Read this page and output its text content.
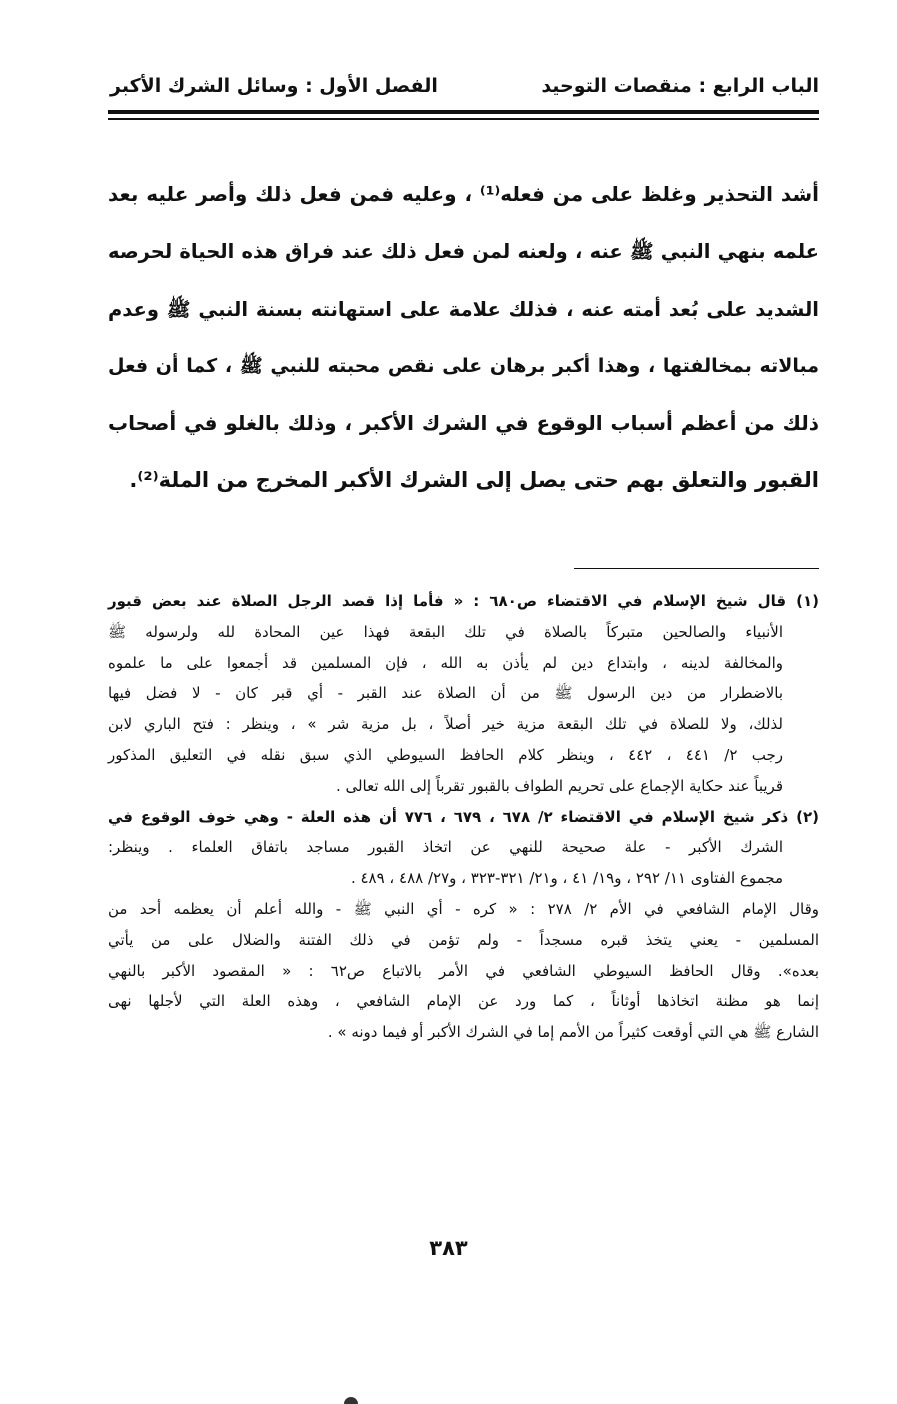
الباب الرابع : منقصات التوحيد
الفصل الأول : وسائل الشرك الأكبر
أشد التحذير وغلظ على من فعله⁽¹⁾ ، وعليه فمن فعل ذلك وأصر عليه بعد
علمه بنهي النبي ﷺ عنه ، ولعنه لمن فعل ذلك عند فراق هذه الحياة لحرصه
الشديد على بُعد أمته عنه ، فذلك علامة على استهانته بسنة النبي ﷺ وعدم
مبالاته بمخالفتها ، وهذا أكبر برهان على نقص محبته للنبي ﷺ ، كما أن فعل
ذلك من أعظم أسباب الوقوع في الشرك الأكبر ، وذلك بالغلو في أصحاب
القبور والتعلق بهم حتى يصل إلى الشرك الأكبر المخرج من الملة⁽²⁾.
(١) قال شيخ الإسلام في الاقتضاء ص٦٨٠ : « فأما إذا قصد الرجل الصلاة عند بعض قبور
الأنبياء والصالحين متبركاً بالصلاة في تلك البقعة فهذا عين المحادة لله ولرسوله ﷺ
والمخالفة لدينه ، وابتداع دين لم يأذن به الله ، فإن المسلمين قد أجمعوا على ما علموه
بالاضطرار من دين الرسول ﷺ من أن الصلاة عند القبر - أي قبر كان - لا فضل فيها
لذلك، ولا للصلاة في تلك البقعة مزية خير أصلاً ، بل مزية شر » ، وينظر : فتح الباري لابن
رجب ٢/ ٤٤١ ، ٤٤٢ ، وينظر كلام الحافظ السيوطي الذي سبق نقله في التعليق المذكور
قريباً عند حكاية الإجماع على تحريم الطواف بالقبور تقرباً إلى الله تعالى .
(٢) ذكر شيخ الإسلام في الاقتضاء ٢/ ٦٧٨ ، ٦٧٩ ، ٧٧٦ أن هذه العلة - وهي خوف الوقوع في
الشرك الأكبر - علة صحيحة للنهي عن اتخاذ القبور مساجد باتفاق العلماء . وينظر:
مجموع الفتاوى ١١/ ٢٩٢ ، و١٩/ ٤١ ، و٢١/ ٣٢١-٣٢٣ ، و٢٧/ ٤٨٨ ، ٤٨٩ .
وقال الإمام الشافعي في الأم ٢/ ٢٧٨ : « كره - أي النبي ﷺ - والله أعلم أن يعظمه أحد من
المسلمين - يعني يتخذ قبره مسجداً - ولم تؤمن في ذلك الفتنة والضلال على من يأتي
بعده». وقال الحافظ السيوطي الشافعي في الأمر بالاتباع ص٦٢ : « المقصود الأكبر بالنهي
إنما هو مظنة اتخاذها أوثاناً ، كما ورد عن الإمام الشافعي ، وهذه العلة التي لأجلها نهى
الشارع ﷺ هي التي أوقعت كثيراً من الأمم إما في الشرك الأكبر أو فيما دونه » .
٣٨٣
